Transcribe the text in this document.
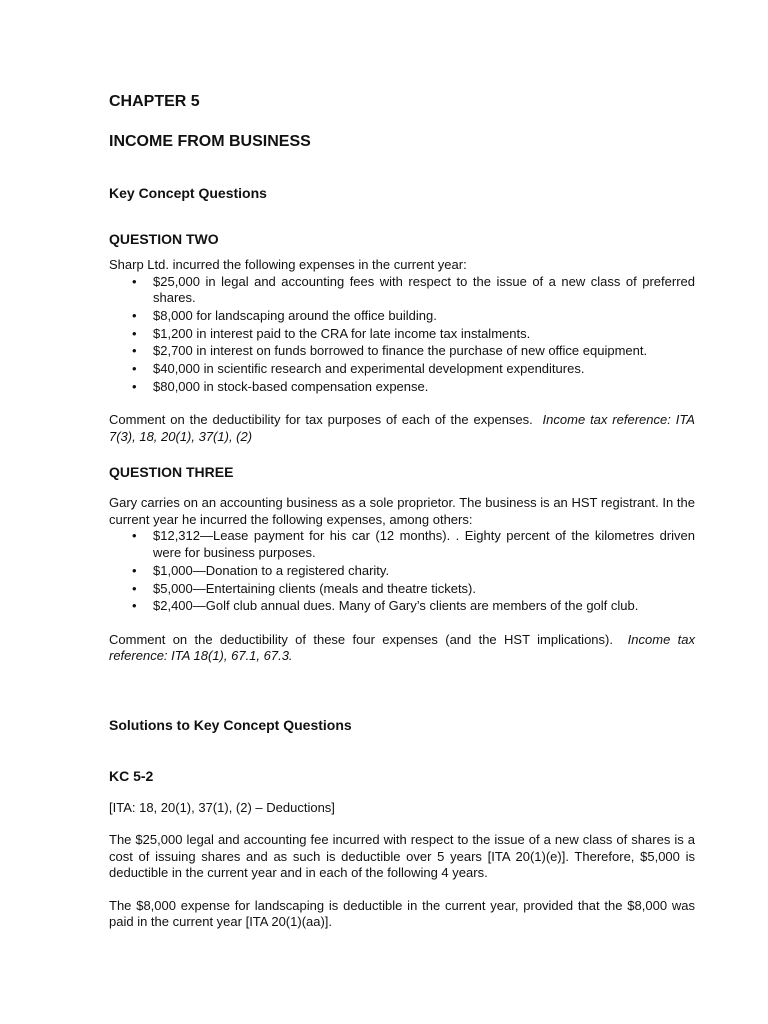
CHAPTER 5
INCOME FROM BUSINESS
Key Concept Questions
QUESTION TWO

Sharp Ltd. incurred the following expenses in the current year:

• $25,000 in legal and accounting fees with respect to the issue of a new class of preferred shares.
• $8,000 for landscaping around the office building.
• $1,200 in interest paid to the CRA for late income tax instalments.
• $2,700 in interest on funds borrowed to finance the purchase of new office equipment.
• $40,000 in scientific research and experimental development expenditures.
• $80,000 in stock-based compensation expense.

Comment on the deductibility for tax purposes of each of the expenses. Income tax reference: ITA 7(3), 18, 20(1), 37(1), (2)

QUESTION THREE

Gary carries on an accounting business as a sole proprietor. The business is an HST registrant. In the current year he incurred the following expenses, among others:

• $12,312—Lease payment for his car (12 months). . Eighty percent of the kilometres driven were for business purposes.
• $1,000—Donation to a registered charity.
• $5,000—Entertaining clients (meals and theatre tickets).
• $2,400—Golf club annual dues. Many of Gary’s clients are members of the golf club.

Comment on the deductibility of these four expenses (and the HST implications). Income tax reference: ITA 18(1), 67.1, 67.3.

Solutions to Key Concept Questions
KC 5-2

[ITA: 18, 20(1), 37(1), (2) – Deductions]

The $25,000 legal and accounting fee incurred with respect to the issue of a new class of shares is a cost of issuing shares and as such is deductible over 5 years [ITA 20(1)(e)]. Therefore, $5,000 is deductible in the current year and in each of the following 4 years.

The $8,000 expense for landscaping is deductible in the current year, provided that the $8,000 was paid in the current year [ITA 20(1)(aa)].
